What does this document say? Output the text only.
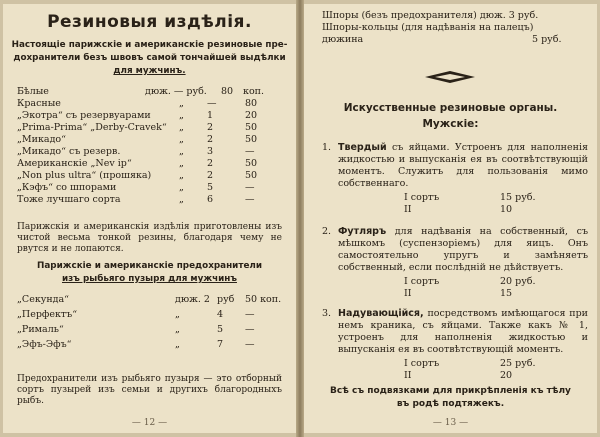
Резиновыя издѣлія.
Настоящіе парижскіе и американскіе резиновые пре-
дохранители безъ швовъ самой тончайшей выдѣлки
для мужчинъ.
Бѣлые	дюж. — руб. 80 коп.
Красные	„ —	80
„Экотра“ съ резервуарами	„ 1	20
„Prima-Prima“ „Derby-Cravek“ „ 2	50
„Микадо“	„ 2	50
„Микадо“ съ резерв.	„ 3	—
Американскіе „Nev ip“	„ 2	50
„Non plus ultra“ (прошяка)	„ 2	50
„Кэфъ“ со шпорами	„ 5	—
Тоже лучшаго сорта	„ 6	—
Парижскія и американскія издѣлія приготовлены изъ чистой весьма тонкой резины, благодаря чему не рвутся и не лопаются.
Парижскіе и американскіе предохранители
изъ рыбьяго пузыря для мужчинъ
„Секунда“	дюж. 2 руб 50 коп.
„Перфектъ“	„	4 —
„Рималь“	„	5 —
„Эфъ-Эфъ“	„	7 —
Предохранители изъ рыбьяго пузыря — это отборный сортъ пузырей изъ семьи и другихъ благородныхъ рыбъ.
— 12 —
Шпоры (безъ предохранителя) дюж. 3 руб.
Шпоры-кольцы (для надѣванія на палецъ)
дюжина	5 руб.
Искусственные резиновые органы.
Мужскіе:
1. Твердый съ яйцами. Устроенъ для наполненія жидкостью и выпусканія ея въ соотвѣтствующій моментъ. Служитъ для пользованія мимо собственнаго.
I сортъ	15 руб.
II	10
2. Футляръ для надѣванія на собственный, съ мѣшкомъ (суспензоріемъ) для яицъ. Онъ самостоятельно упругъ и замѣняетъ собственный, если послѣдній не дѣйствуетъ.
I сортъ	20 руб.
II	15
3. Надувающійся, посредствомъ имѣющагося при немъ краника, съ яйцами. Также какъ № 1, устроенъ для наполненія жидкостью и выпусканія ея въ соотвѣтствующій моментъ.
I сортъ	25 руб.
II	20
Всѣ съ подвязками для прикрѣпленія къ тѣлу
въ родѣ подтяжекъ.
— 13 —
